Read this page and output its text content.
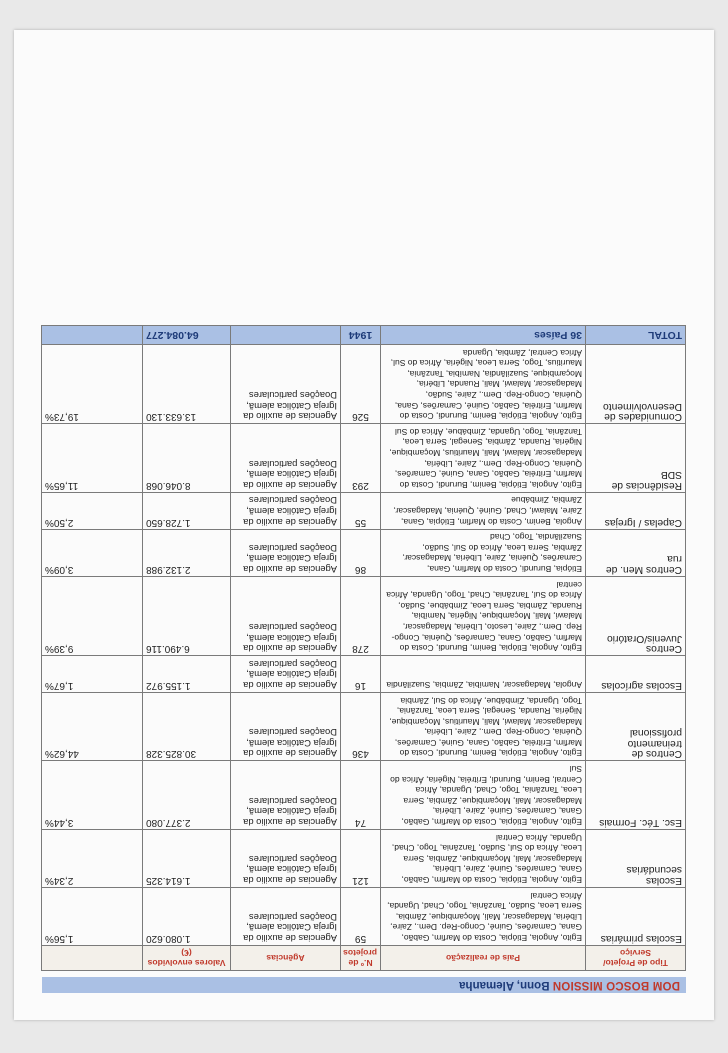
DOM BOSCO MISSION Bonn, Alemanha
Tipo de Projeto/ Serviço	País de realização	N.º de projetos	Agências	Valores envolvidos (€)	
Escolas primárias	Egito, Angola, Etiópia, Costa do Marfim, Gabão, Gana, Camarões, Guiné, Congo-Rep. Dem., Zaire, Líbéria, Madagascar, Mali, Moçambique, Zâmbia, Serra Leoa, Sudão, Tanzânia, Togo, Chad, Uganda, África Central	59	Agencias de auxilio da Igreja Católica alemã, Doações particulares	1.080.620	1,56%
Escolas secundárias	Egito, Angola, Etiópia, Costa do Marfim, Gabão, Gana, Camarões, Guiné, Zaire, Líbéria, Madagascar, Mali, Moçambique, Zâmbia, Serra Leoa, África do Sul, Sudão, Tanzânia, Togo, Chad, Uganda, África Central	121	Agencias de auxilio da Igreja Católica alemã, Doações particulares	1.614.325	2,34%
Esc. Téc. Formais	Egito, Angola, Etiópia, Costa do Marfim, Gabão, Gana, Camarões, Guiné, Zaire, Líbéria, Madagascar, Mali, Moçambique, Zâmbia, Serra Leoa, Tanzânia, Togo, Chad, Uganda, África Central, Benim, Burundi, Eritréia, Nigéria, África do Sul	74	Agencias de auxilio da Igreja Católica alemã, Doações particulares	2.377.080	3,44%
Centros de treinamento profissional	Egito, Angola, Etiópia, Benim, Burundi, Costa do Marfim, Eritréia, Gabão, Gana, Guiné, Camarões, Quénia, Congo-Rep. Dem., Zaire, Líbéria, Madagascar, Malawi, Mali, Mauritius, Moçambique, Nigéria, Ruanda, Senegal, Serra Leoa, Tanzânia, Togo, Uganda, Zimbábue, África do Sul, Zâmbia	436	Agencias de auxilio da Igreja Católica alemã, Doações particulares	30.825.328	44,62%
Escolas agrícolas	Angola, Madagascar, Namíbia, Zâmbia, Suazilândia	16	Agencias de auxilio da Igreja Católica alemã, Doações particulares	1.155.972	1,67%
Centros Juvenis/Oratório	Egito, Angola, Etiópia, Benim, Burundi, Costa do Marfim, Gabão, Gana, Camarões, Quénia, Congo-Rep. Dem., Zaire, Lesoto, Líbéria, Madagascar, Malawi, Mali, Moçambique, Nigéria, Namíbia, Ruanda, Zâmbia, Serra Leoa, Zimbábue, Sudão, África do Sul, Tanzânia, Chad, Togo, Uganda, África central	278	Agencias de auxilio da Igreja Católica alemã, Doações particulares	6.490.116	9,39%
Centros Men. de rua	Etiópia, Burundi, Costa do Marfim, Gana, Camarões, Quénia, Zaire, Líbéria, Madagascar, Zâmbia, Serra Leoa, África do Sul, Sudão, Suazilândia, Togo, Chad	86	Agencias de auxilio da Igreja Católica alemã, Doações particulares	2.132.988	3,09%
Capelas / Igrejas	Angola, Benim, Costa do Marfim, Etiópia, Gana, Zaire, Malawi, Chad, Guiné, Quénia, Madagascar, Zâmbia, Zimbábue	55	Agencias de auxilio da Igreja Católica alemã, Doações particulares	1.728.650	2,50%
Residências de SDB	Egito, Angola, Etiópia, Benim, Burundi, Costa do Marfim, Eritréia, Gabão, Gana, Guiné, Camarões, Quénia, Congo-Rep. Dem., Zaire, Líbéria, Madagascar, Malawi, Mali, Mauritius, Moçambique, Nigéria, Ruanda, Zâmbia, Senegal, Serra Leoa, Tanzânia, Togo, Uganda, Zimbábue, África do Sul	293	Agencias de auxilio da Igreja Católica alemã, Doações particulares	8.046.068	11,65%
Comunidades de Desenvolvimento	Egito, Angola, Etiópia, Benim, Burundi, Costa do Marfim, Eritréia, Gabão, Guiné, Camarões, Gana, Quénia, Congo-Rep. Dem., Zaire, Sudão, Madagascar, Malawi, Mali, Ruanda, Líbéria, Moçambique, Suazilândia, Namíbia, Tanzânia, Mauritius, Togo, Serra Leoa, Nigéria, África do Sul, África Central, Zâmbia, Uganda	526	Agencias de auxilio da Igreja Católica alemã, Doações particulares	13.633.130	19,73%
TOTAL	36 Países	1944		64.084.277	
